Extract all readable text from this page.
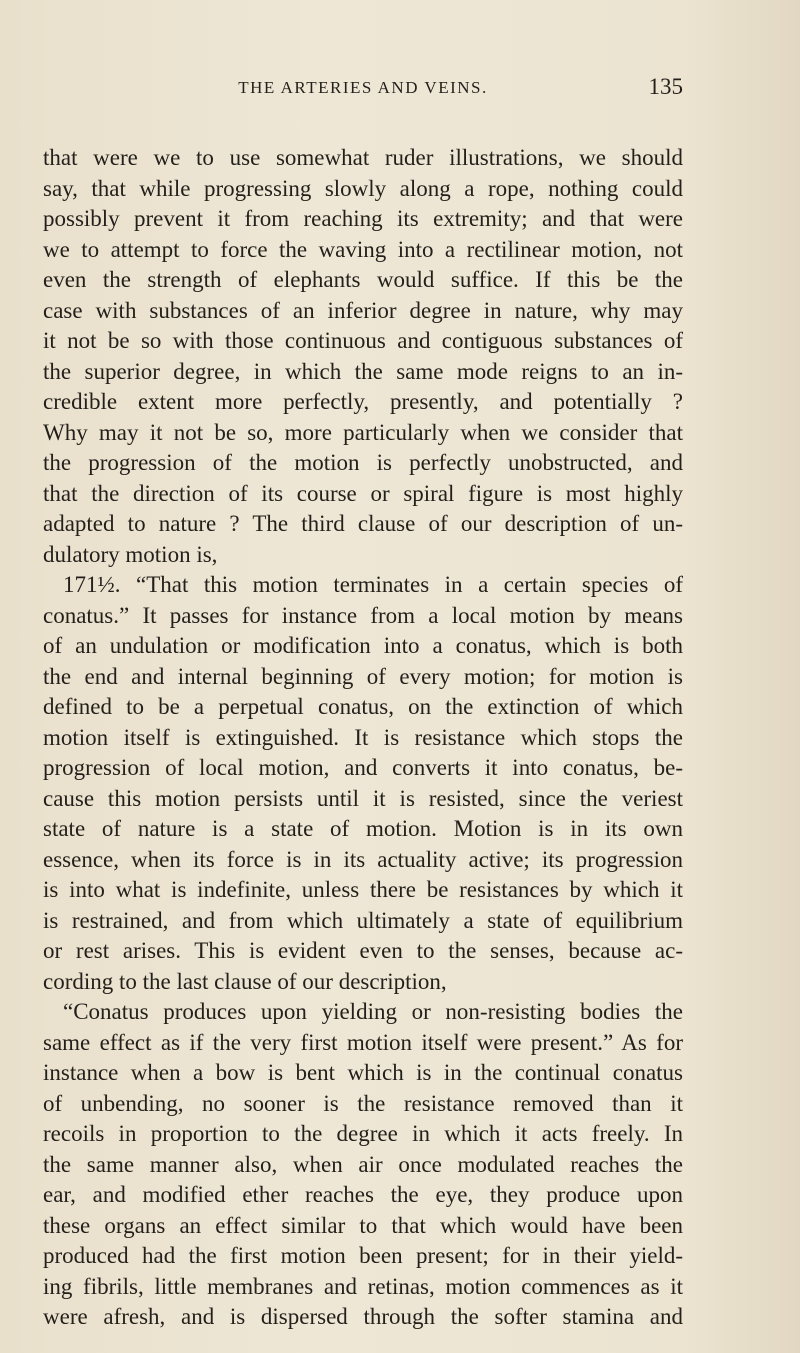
THE ARTERIES AND VEINS.	135
that were we to use somewhat ruder illustrations, we should
say, that while progressing slowly along a rope, nothing could
possibly prevent it from reaching its extremity; and that were
we to attempt to force the waving into a rectilinear motion, not
even the strength of elephants would suffice. If this be the
case with substances of an inferior degree in nature, why may
it not be so with those continuous and contiguous substances of
the superior degree, in which the same mode reigns to an in-
credible extent more perfectly, presently, and potentially ?
Why may it not be so, more particularly when we consider that
the progression of the motion is perfectly unobstructed, and
that the direction of its course or spiral figure is most highly
adapted to nature ? The third clause of our description of un-
dulatory motion is,
171½. “That this motion terminates in a certain species of
conatus.” It passes for instance from a local motion by means
of an undulation or modification into a conatus, which is both
the end and internal beginning of every motion; for motion is
defined to be a perpetual conatus, on the extinction of which
motion itself is extinguished. It is resistance which stops the
progression of local motion, and converts it into conatus, be-
cause this motion persists until it is resisted, since the veriest
state of nature is a state of motion. Motion is in its own
essence, when its force is in its actuality active; its progression
is into what is indefinite, unless there be resistances by which it
is restrained, and from which ultimately a state of equilibrium
or rest arises. This is evident even to the senses, because ac-
cording to the last clause of our description,
“Conatus produces upon yielding or non-resisting bodies the
same effect as if the very first motion itself were present.” As for
instance when a bow is bent which is in the continual conatus
of unbending, no sooner is the resistance removed than it
recoils in proportion to the degree in which it acts freely. In
the same manner also, when air once modulated reaches the
ear, and modified ether reaches the eye, they produce upon
these organs an effect similar to that which would have been
produced had the first motion been present; for in their yield-
ing fibrils, little membranes and retinas, motion commences as it
were afresh, and is dispersed through the softer stamina and
